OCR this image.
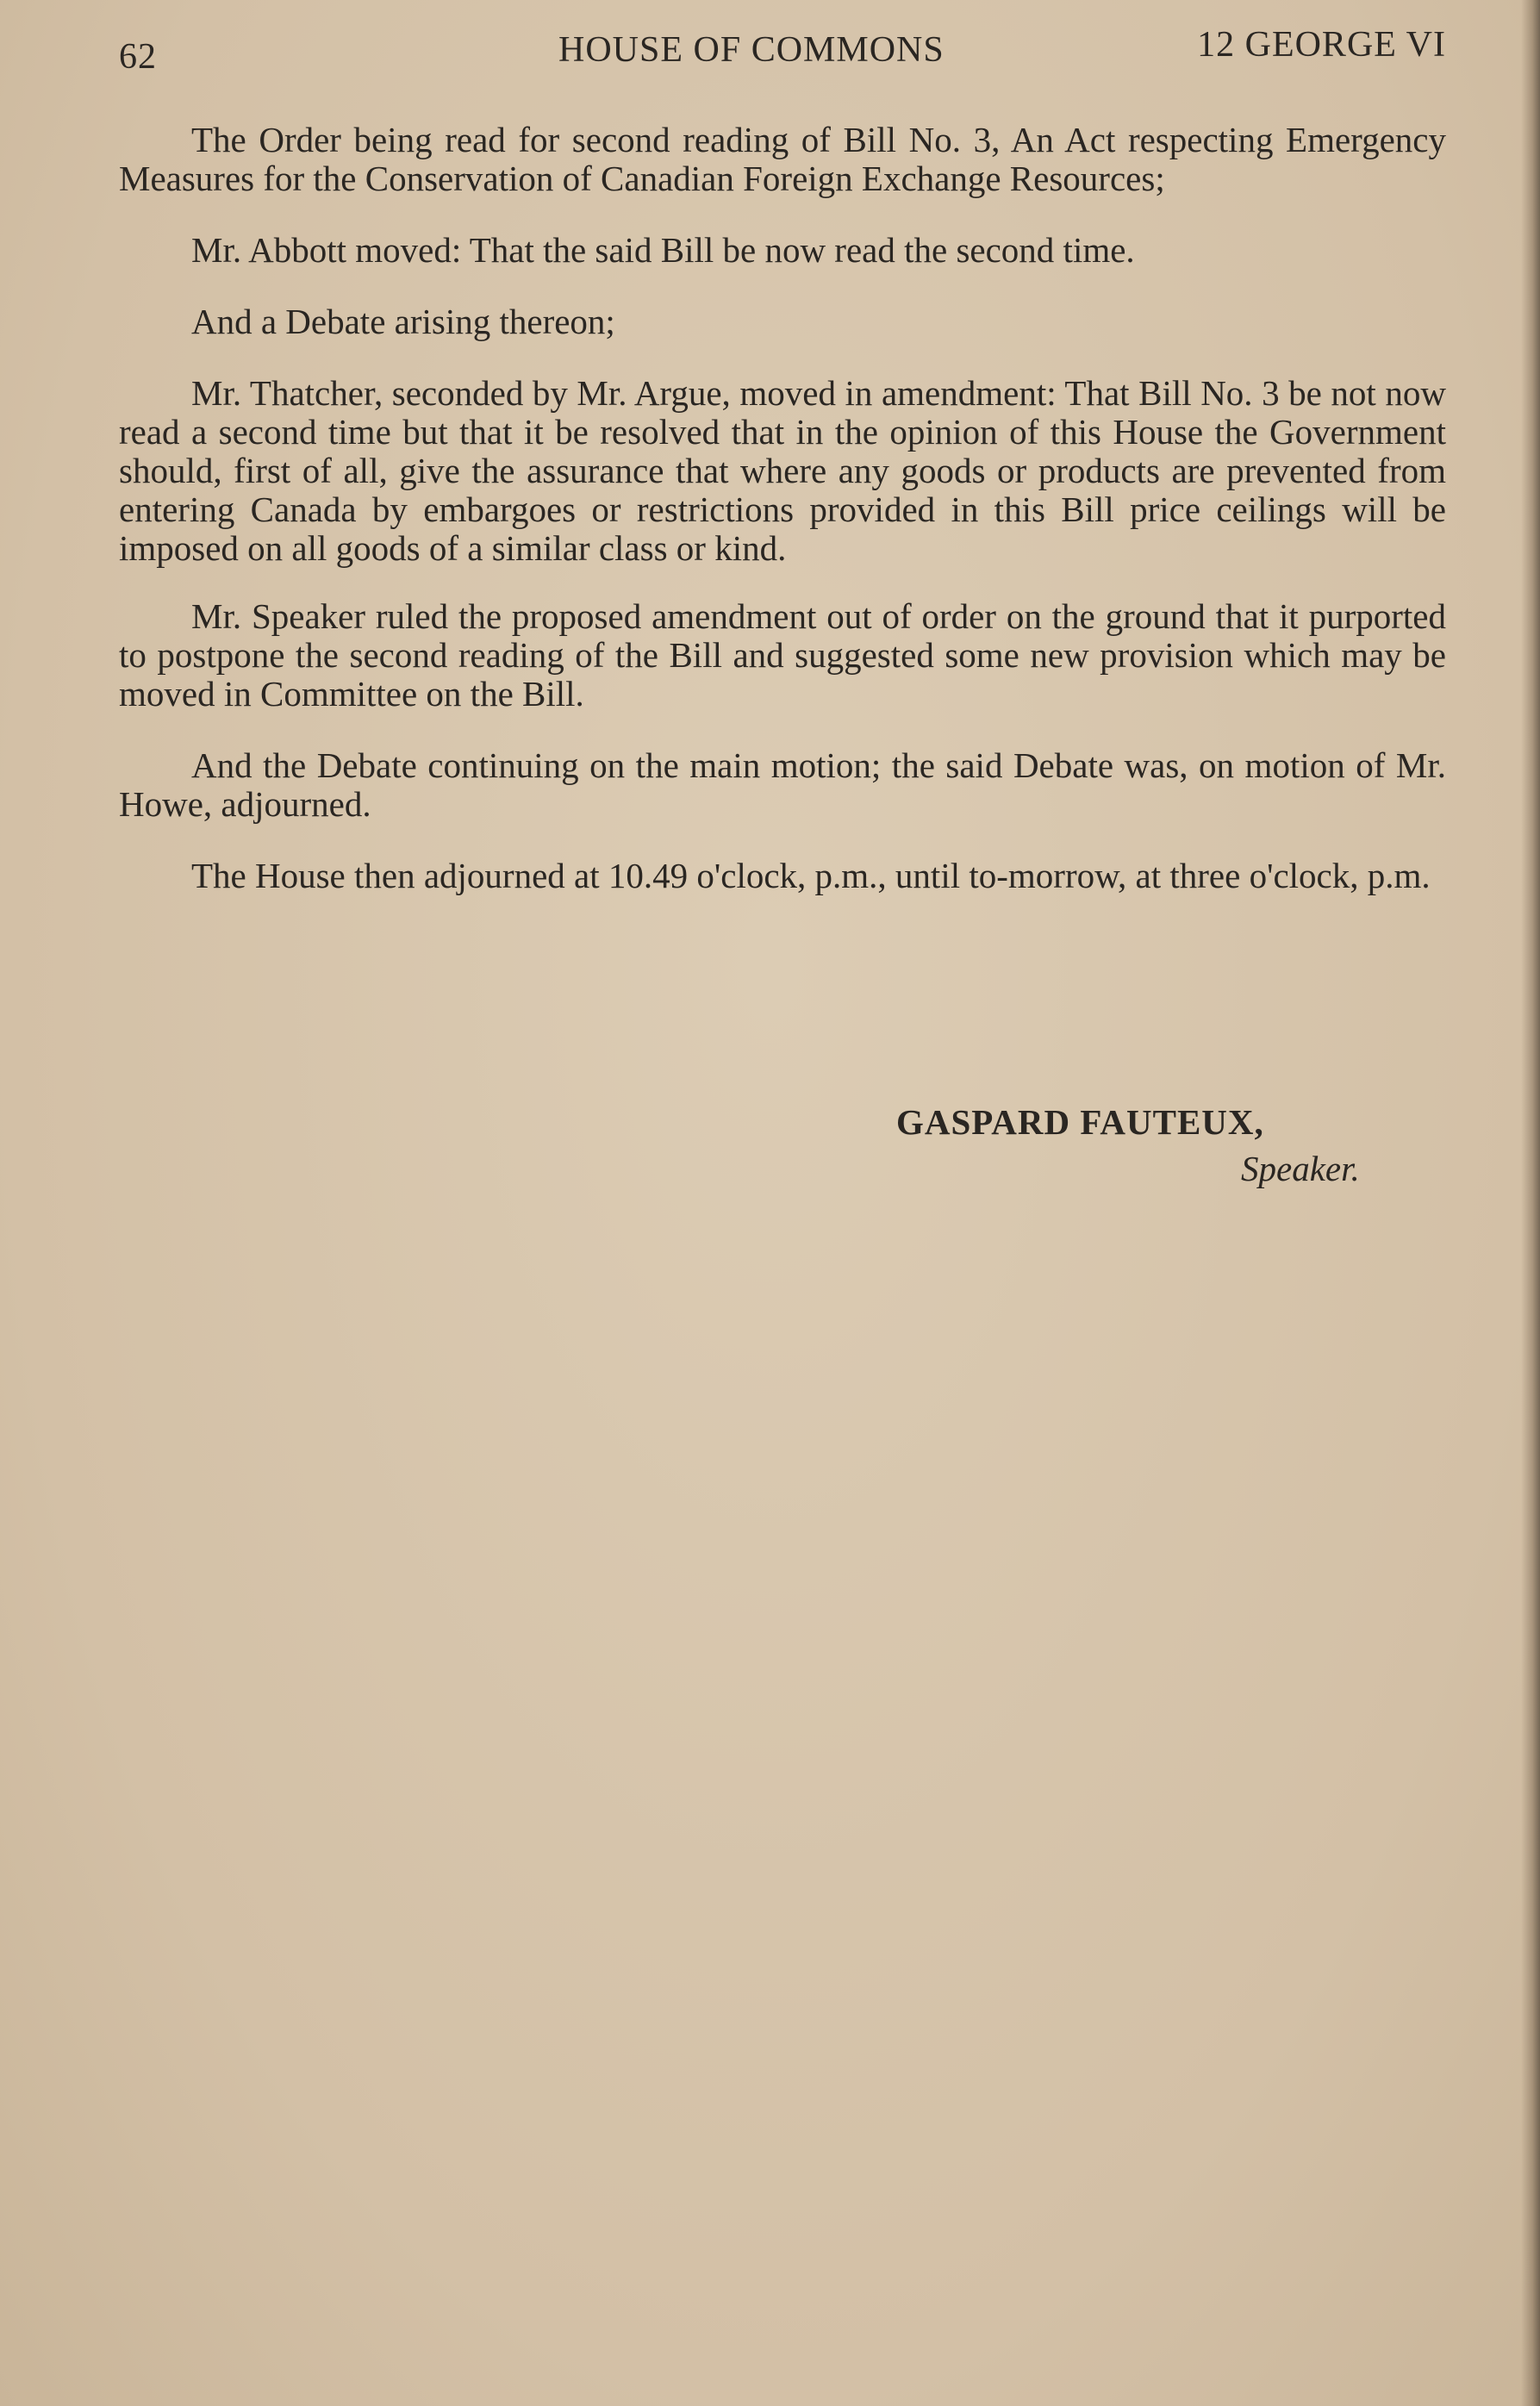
62	HOUSE OF COMMONS	12 GEORGE VI

The Order being read for second reading of Bill No. 3, An Act respecting Emergency Measures for the Conservation of Canadian Foreign Exchange Resources;

Mr. Abbott moved: That the said Bill be now read the second time.

And a Debate arising thereon;

Mr. Thatcher, seconded by Mr. Argue, moved in amendment: That Bill No. 3 be not now read a second time but that it be resolved that in the opinion of this House the Government should, first of all, give the assurance that where any goods or products are prevented from entering Canada by embargoes or restrictions provided in this Bill price ceilings will be imposed on all goods of a similar class or kind.

Mr. Speaker ruled the proposed amendment out of order on the ground that it purported to postpone the second reading of the Bill and suggested some new provision which may be moved in Committee on the Bill.

And the Debate continuing on the main motion; the said Debate was, on motion of Mr. Howe, adjourned.

The House then adjourned at 10.49 o'clock, p.m., until to-morrow, at three o'clock, p.m.

GASPARD FAUTEUX,
Speaker.
